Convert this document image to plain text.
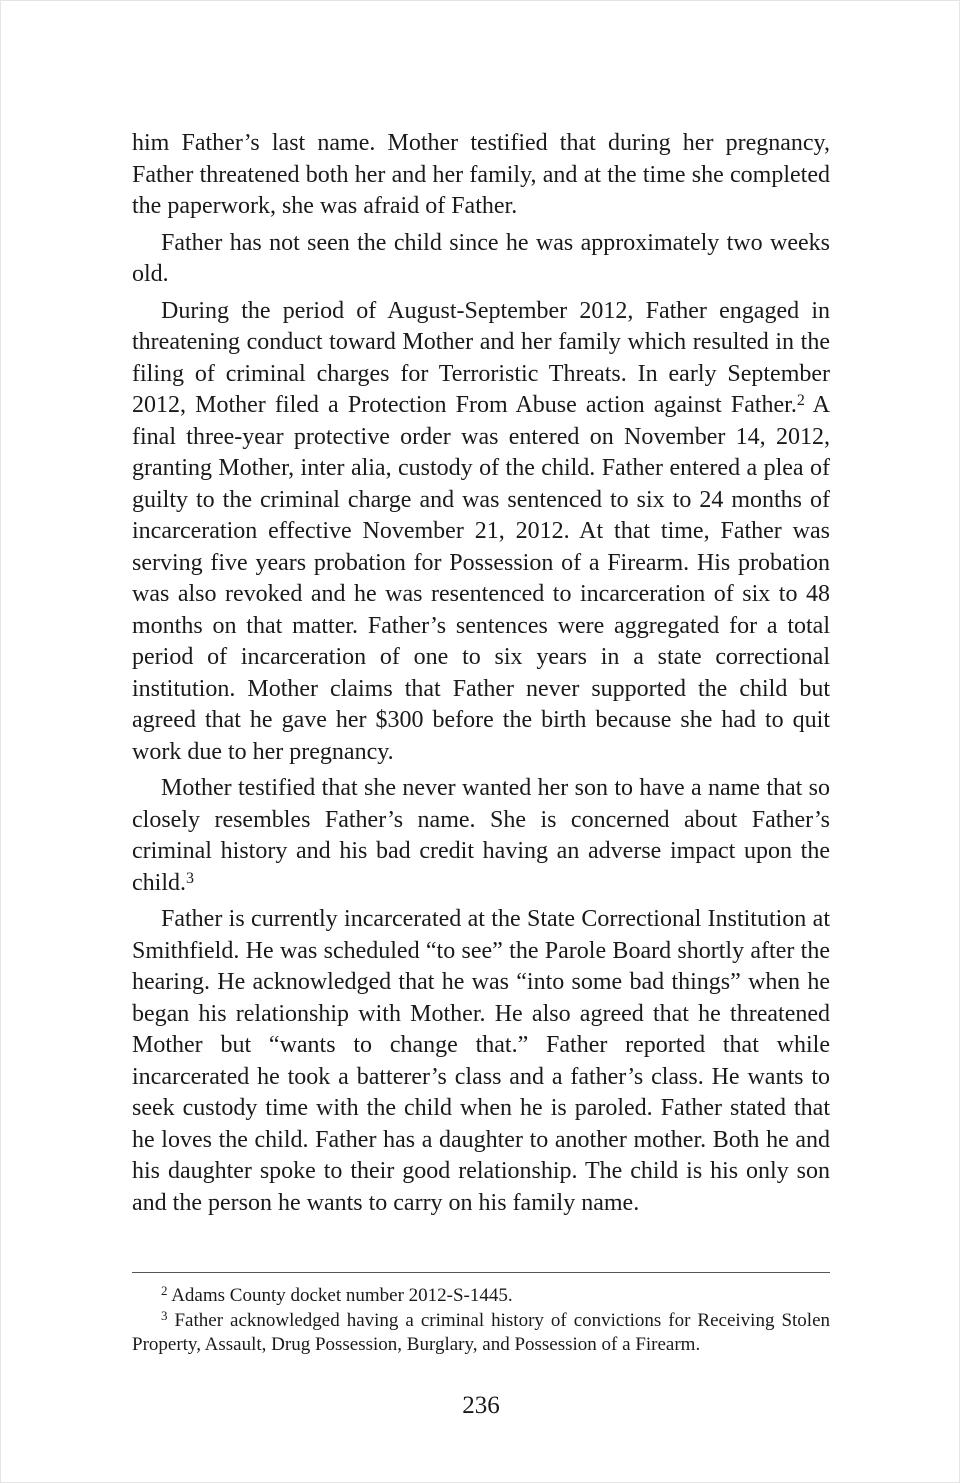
him Father’s last name. Mother testified that during her pregnancy, Father threatened both her and her family, and at the time she completed the paperwork, she was afraid of Father.

Father has not seen the child since he was approximately two weeks old.

During the period of August-September 2012, Father engaged in threatening conduct toward Mother and her family which resulted in the filing of criminal charges for Terroristic Threats. In early September 2012, Mother filed a Protection From Abuse action against Father.$^2$ A final three-year protective order was entered on November 14, 2012, granting Mother, inter alia, custody of the child. Father entered a plea of guilty to the criminal charge and was sentenced to six to 24 months of incarceration effective November 21, 2012. At that time, Father was serving five years probation for Possession of a Firearm. His probation was also revoked and he was resentenced to incarceration of six to 48 months on that matter. Father’s sentences were aggregated for a total period of incarceration of one to six years in a state correctional institution. Mother claims that Father never supported the child but agreed that he gave her $300 before the birth because she had to quit work due to her pregnancy.

Mother testified that she never wanted her son to have a name that so closely resembles Father’s name. She is concerned about Father’s criminal history and his bad credit having an adverse impact upon the child.$^3$

Father is currently incarcerated at the State Correctional Institution at Smithfield. He was scheduled “to see” the Parole Board shortly after the hearing. He acknowledged that he was “into some bad things” when he began his relationship with Mother. He also agreed that he threatened Mother but “wants to change that.” Father reported that while incarcerated he took a batterer’s class and a father’s class. He wants to seek custody time with the child when he is paroled. Father stated that he loves the child. Father has a daughter to another mother. Both he and his daughter spoke to their good relationship. The child is his only son and the person he wants to carry on his family name.

$^2$ Adams County docket number 2012-S-1445.

$^3$ Father acknowledged having a criminal history of convictions for Receiving Stolen Property, Assault, Drug Possession, Burglary, and Possession of a Firearm.

236
